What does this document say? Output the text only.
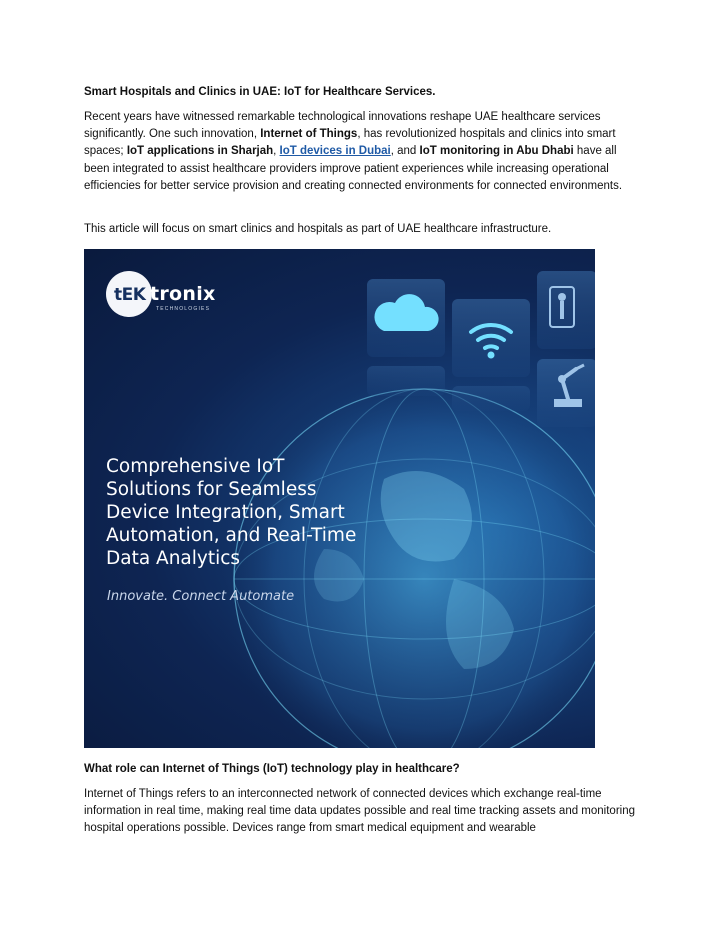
Smart Hospitals and Clinics in UAE: IoT for Healthcare Services.

Recent years have witnessed remarkable technological innovations reshape UAE healthcare services significantly. One such innovation, Internet of Things, has revolutionized hospitals and clinics into smart spaces; IoT applications in Sharjah, IoT devices in Dubai, and IoT monitoring in Abu Dhabi have all been integrated to assist healthcare providers improve patient experiences while increasing operational efficiencies for better service provision and creating connected environments for connected environments.

This article will focus on smart clinics and hospitals as part of UAE healthcare infrastructure.

tEK tronix
TECHNOLOGIES
Comprehensive IoT
Solutions for Seamless
Device Integration, Smart
Automation, and Real-Time
Data Analytics
Innovate. Connect Automate
What role can Internet of Things (IoT) technology play in healthcare?

Internet of Things refers to an interconnected network of connected devices which exchange real-time information in real time, making real time data updates possible and real time tracking assets and monitoring hospital operations possible. Devices range from smart medical equipment and wearable
